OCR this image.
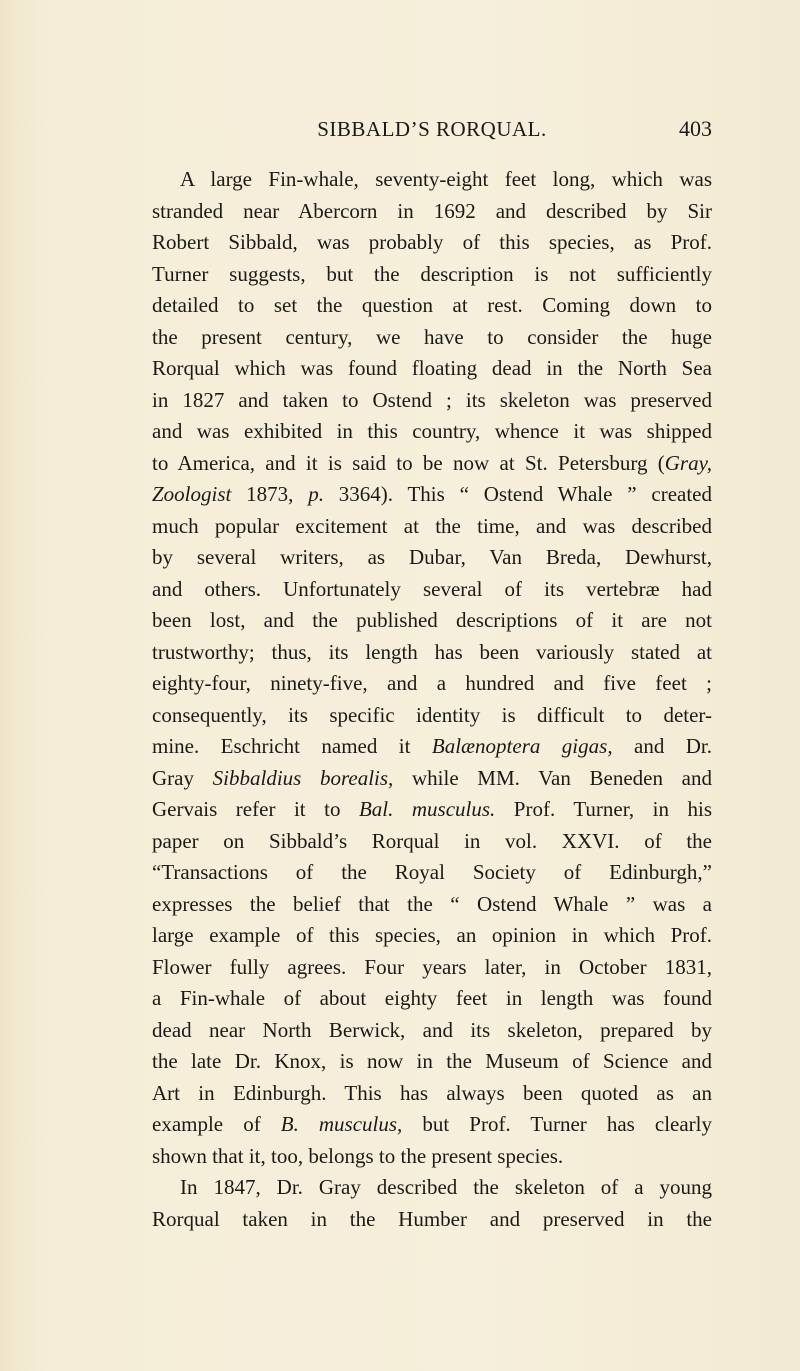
SIBBALD’S RORQUAL.	403
A large Fin-whale, seventy-eight feet long, which was
stranded near Abercorn in 1692 and described by Sir
Robert Sibbald, was probably of this species, as Prof.
Turner suggests, but the description is not sufficiently
detailed to set the question at rest. Coming down to
the present century, we have to consider the huge
Rorqual which was found floating dead in the North Sea
in 1827 and taken to Ostend ; its skeleton was preserved
and was exhibited in this country, whence it was shipped
to America, and it is said to be now at St. Petersburg (Gray,
Zoologist 1873, p. 3364). This “ Ostend Whale ” created
much popular excitement at the time, and was described
by several writers, as Dubar, Van Breda, Dewhurst,
and others. Unfortunately several of its vertebræ had
been lost, and the published descriptions of it are not
trustworthy; thus, its length has been variously stated at
eighty-four, ninety-five, and a hundred and five feet ;
consequently, its specific identity is difficult to deter-
mine. Eschricht named it Balænoptera gigas, and Dr.
Gray Sibbaldius borealis, while MM. Van Beneden and
Gervais refer it to Bal. musculus. Prof. Turner, in his
paper on Sibbald’s Rorqual in vol. XXVI. of the
“Transactions of the Royal Society of Edinburgh,”
expresses the belief that the “ Ostend Whale ” was a
large example of this species, an opinion in which Prof.
Flower fully agrees. Four years later, in October 1831,
a Fin-whale of about eighty feet in length was found
dead near North Berwick, and its skeleton, prepared by
the late Dr. Knox, is now in the Museum of Science and
Art in Edinburgh. This has always been quoted as an
example of B. musculus, but Prof. Turner has clearly
shown that it, too, belongs to the present species.
In 1847, Dr. Gray described the skeleton of a young
Rorqual taken in the Humber and preserved in the
